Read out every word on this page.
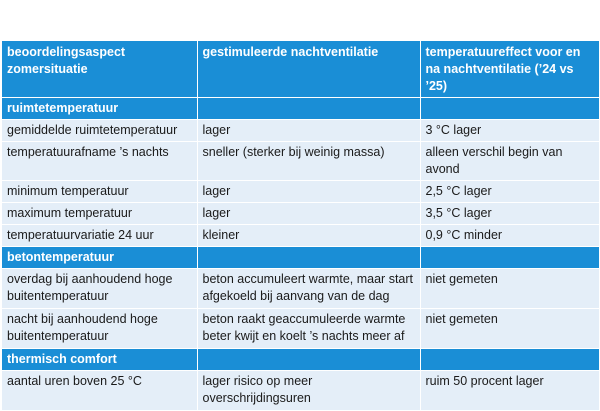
beoordelingsaspect zomersituatie	gestimuleerde nachtventilatie	temperatuureffect voor en na nachtventilatie (’24 vs ’25)
ruimtetemperatuur		
gemiddelde ruimtetemperatuur	lager	3 °C lager
temperatuurafname ’s nachts	sneller (sterker bij weinig massa)	alleen verschil begin van avond
minimum temperatuur	lager	2,5 °C lager
maximum temperatuur	lager	3,5 °C lager
temperatuurvariatie 24 uur	kleiner	0,9 °C minder
betontemperatuur		
overdag bij aanhoudend hoge buitentemperatuur	beton accumuleert warmte, maar start afgekoeld bij aanvang van de dag	niet gemeten
nacht bij aanhoudend hoge buitentemperatuur	beton raakt geaccumuleerde warmte beter kwijt en koelt ’s nachts meer af	niet gemeten
thermisch comfort		
aantal uren boven 25 °C	lager risico op meer overschrijdingsuren	ruim 50 procent lager
